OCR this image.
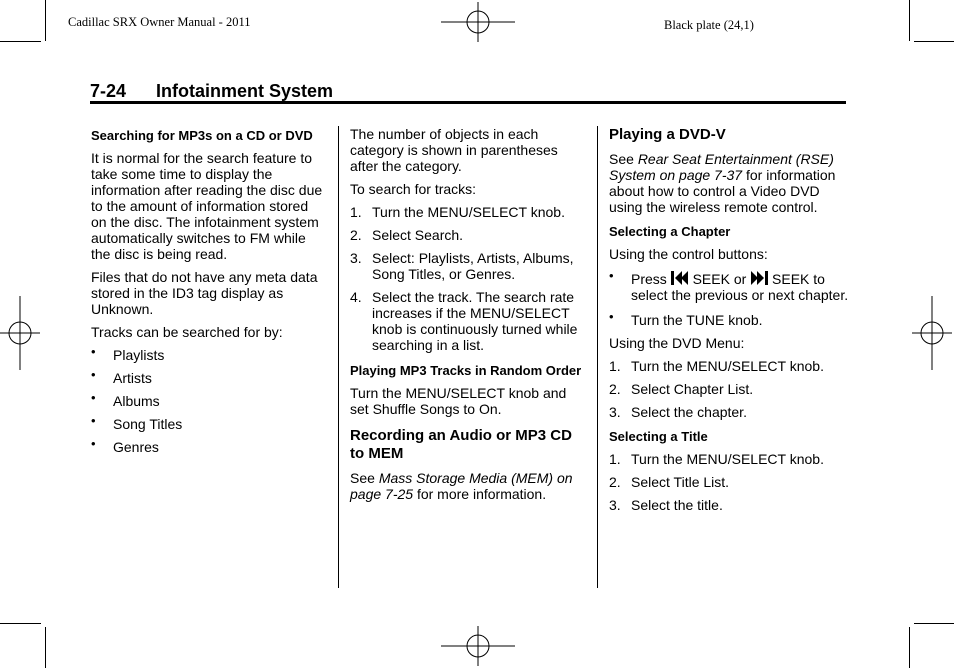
Cadillac SRX Owner Manual - 2011	Black plate (24,1)
7-24 Infotainment System
Searching for MP3s on a CD or DVD

It is normal for the search feature to take some time to display the information after reading the disc due to the amount of information stored on the disc. The infotainment system automatically switches to FM while the disc is being read.

Files that do not have any meta data stored in the ID3 tag display as Unknown.

Tracks can be searched for by:

• Playlists
• Artists
• Albums
• Song Titles
• Genres

The number of objects in each category is shown in parentheses after the category.

To search for tracks:

1. Turn the MENU/SELECT knob.
2. Select Search.
3. Select: Playlists, Artists, Albums, Song Titles, or Genres.
4. Select the track. The search rate increases if the MENU/SELECT knob is continuously turned while searching in a list.
Playing MP3 Tracks in Random Order

Turn the MENU/SELECT knob and set Shuffle Songs to On.

Recording an Audio or MP3 CD to MEM

See Mass Storage Media (MEM) on page 7-25 for more information.

Playing a DVD-V

See Rear Seat Entertainment (RSE) System on page 7-37 for information about how to control a Video DVD using the wireless remote control.

Selecting a Chapter

Using the control buttons:

• Press  SEEK or  SEEK to select the previous or next chapter.
• Turn the TUNE knob.

Using the DVD Menu:

1. Turn the MENU/SELECT knob.
2. Select Chapter List.
3. Select the chapter.
Selecting a Title
1. Turn the MENU/SELECT knob.
2. Select Title List.
3. Select the title.
